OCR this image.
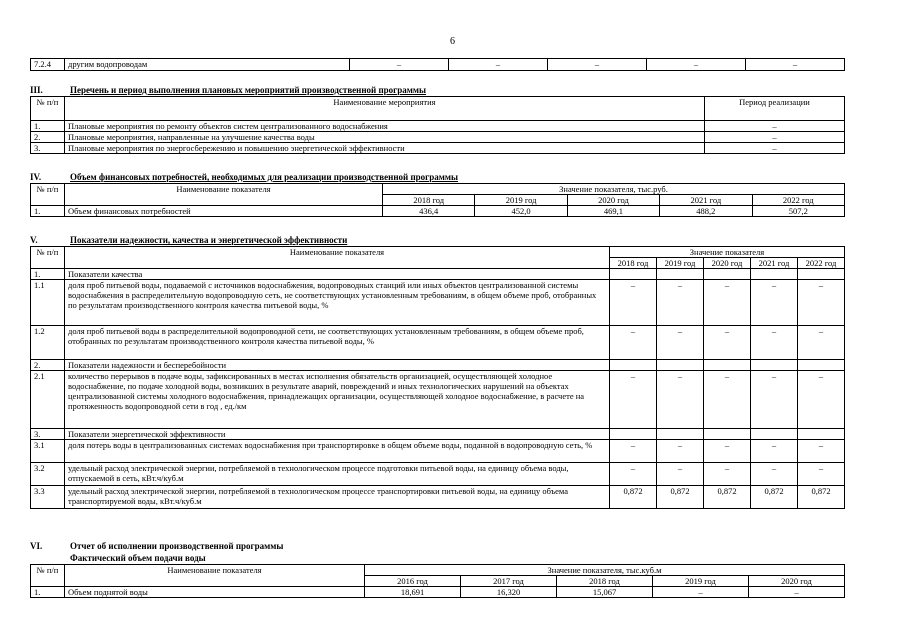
6
7.2.4	другим водопроводам	–	–	–	–	–
III.	Перечень и период выполнения плановых мероприятий производственной программы
№ п/п	Наименование мероприятия	Период реализации
1.	Плановые мероприятия по ремонту объектов систем централизованного водоснабжения	–
2.	Плановые мероприятия, направленные на улучшение качества воды	–
3.	Плановые мероприятия по энергосбережению и повышению энергетической эффективности	–
IV.	Объем финансовых потребностей, необходимых для реализации производственной программы
№ п/п	Наименование показателя	Значение показателя, тыс.руб.				
		2018 год	2019 год	2020 год	2021 год	2022 год
1.	Объем финансовых потребностей	436,4	452,0	469,1	488,2	507,2
V.	Показатели надежности, качества и энергетической эффективности
№ п/п	Наименование показателя	Значение показателя				
		2018 год	2019 год	2020 год	2021 год	2022 год
1.	Показатели качества					
1.1	доля проб питьевой воды, подаваемой с источников водоснабжения, водопроводных станций или иных объектов централизованной системы водоснабжения в распределительную водопроводную сеть, не соответствующих установленным требованиям, в общем объеме проб, отобранных по результатам производственного контроля качества питьевой воды, %	–	–	–	–	–
1.2	доля проб питьевой воды в распределительной водопроводной сети, не соответствующих установленным требованиям, в общем объеме проб, отобранных по результатам производственного контроля качества питьевой воды, %	–	–	–	–	–
2.	Показатели надежности и бесперебойности					
2.1	количество перерывов в подаче воды, зафиксированных в местах исполнения обязательств организацией, осуществляющей холодное водоснабжение, по подаче холодной воды, возникших в результате аварий, повреждений и иных технологических нарушений на объектах централизованной системы холодного водоснабжения, принадлежащих организации, осуществляющей холодное водоснабжение, в расчете на протяженность водопроводной сети в год , ед./км	–	–	–	–	–
3.	Показатели энергетической эффективности					
3.1	доля потерь воды в централизованных системах водоснабжения при транспортировке в общем объеме воды, поданной в водопроводную сеть, %	–	–	–	–	–
3.2	удельный расход электрической энергии, потребляемой в технологическом процессе подготовки питьевой воды, на единицу объема воды, отпускаемой в сеть, кВт.ч/куб.м	–	–	–	–	–
3.3	удельный расход электрической энергии, потребляемой в технологическом процессе транспортировки питьевой воды, на единицу объема транспортируемой воды, кВт.ч/куб.м	0,872	0,872	0,872	0,872	0,872
VI.	Отчет об исполнении производственной программы
Фактический объем подачи воды
№ п/п	Наименование показателя	Значение показателя, тыс.куб.м				
		2016 год	2017 год	2018 год	2019 год	2020 год
1.	Объем поднятой воды	18,691	16,320	15,067	–	–
